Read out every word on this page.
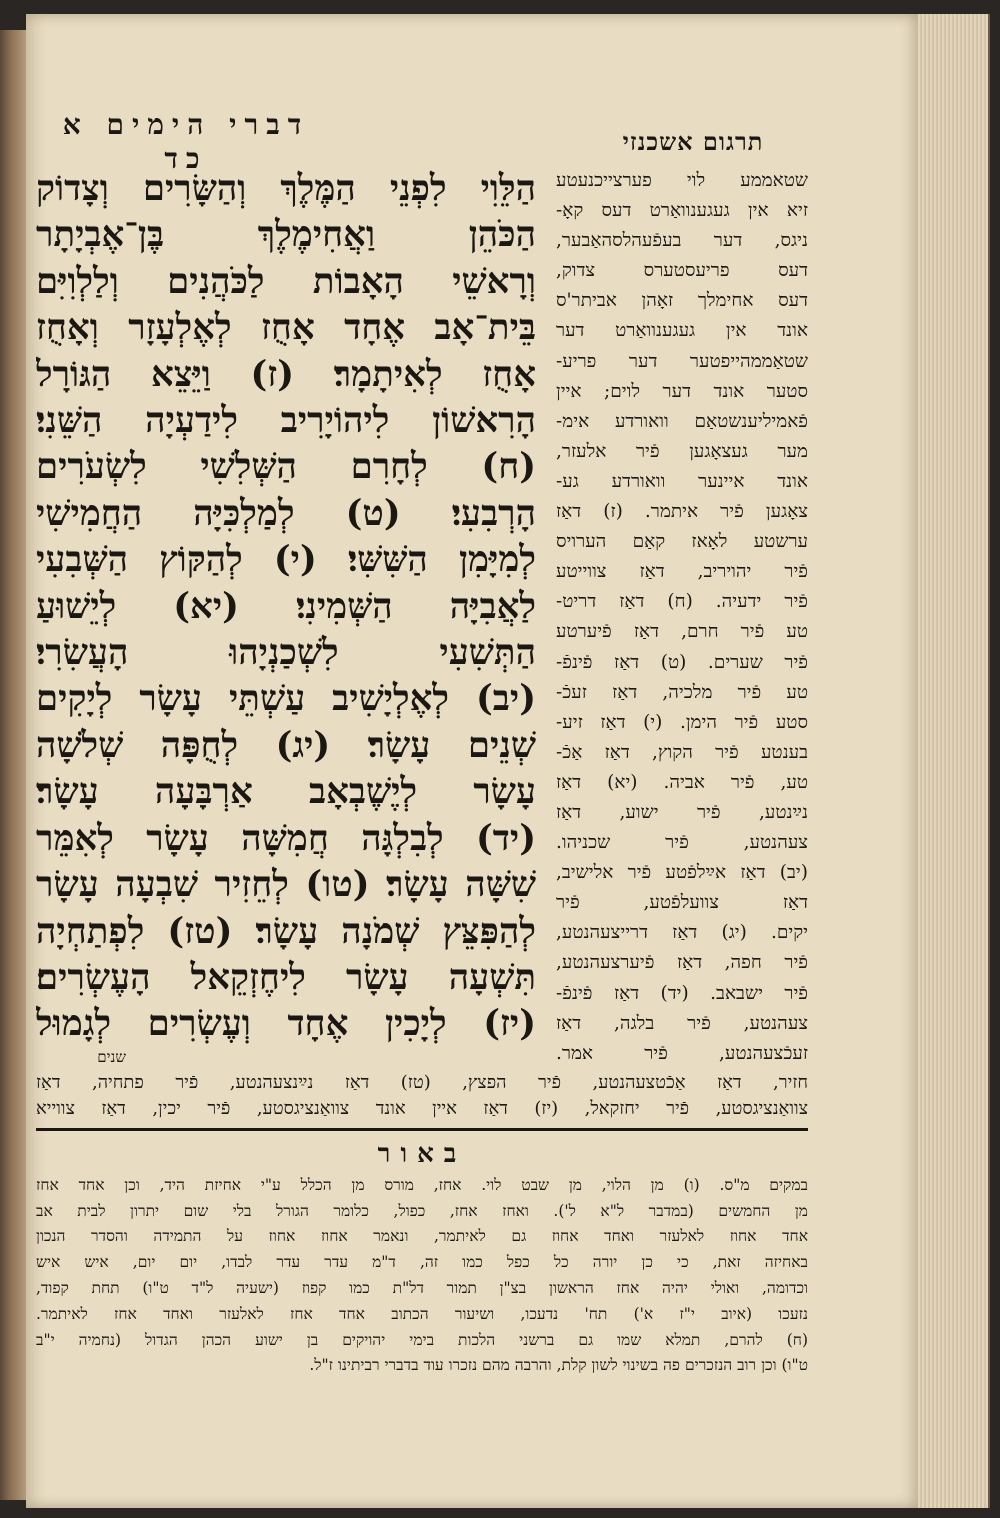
תרגום אשכנזי
דברי הימים א כד
הַלֵּוִי לִפְנֵי הַמֶּלֶךְ וְהַשָּׂרִים וְצָדוֹק
הַכֹּהֵן וַאֲחִימֶלֶךְ בֶּן־אֶבְיָתָר
וְרָאשֵׁי הָאָבוֹת לַכֹּהֲנִים וְלַלְוִיִּם
בֵּית־אָב אֶחָד אָחֻז לְאֶלְעָזָר וְאָחֻז
אָחֻז לְאִיתָמָר׃ (ז) וַיֵּצֵא הַגּוֹרָל
הָרִאשׁוֹן לִיהוֹיָרִיב לִידַעְיָה הַשֵּׁנִי׃
(ח) לְחָרִם הַשְּׁלִשִׁי לִשְׂעֹרִים
הָרְבִעִי׃ (ט) לְמַלְכִּיָּה הַחֲמִישִׁי
לְמִיָּמִן הַשִּׁשִּׁי׃ (י) לְהַקּוֹץ הַשְּׁבִעִי
לַאֲבִיָּה הַשְּׁמִינִי׃ (יא) לְיֵשׁוּעַ
הַתְּשִׁעִי לִשְׁכַנְיָהוּ הָעֲשִׂרִי׃
(יב) לְאֶלְיָשִׁיב עַשְׁתֵּי עָשָׂר לְיָקִים
שְׁנֵים עָשָׂר׃ (יג) לְחֻפָּה שְׁלֹשָׁה
עָשָׂר לְיֶשֶׁבְאָב אַרְבָּעָה עָשָׂר׃
(יד) לְבִלְגָּה חֲמִשָּׁה עָשָׂר לְאִמֵּר
שִׁשָּׁה עָשָׂר׃ (טו) לְחֵזִיר שִׁבְעָה עָשָׂר
לְהַפִּצֵּץ שְׁמֹנָה עָשָׂר׃ (טז) לִפְתַחְיָה
תִּשְׁעָה עָשָׂר לִיחֶזְקֵאל הָעֶשְׂרִים׃
(יז) לְיָכִין אֶחָד וְעֶשְׂרִים לְגָמוּל
שנים
שטאממע לוי פערצייכנעטע
זיא אין געגענוואַרט דעס קאָ-
ניגס, דער בעפֿעהלסהאַבער,
דעס פריעסטערס צדוק,
דעס אחימלך זאָהן אביתר'ס
אונד אין געגענוואַרט דער
שטאַממהייפטער דער פריע-
סטער אונד דער לוים; איין
פֿאמיליענשטאַם וואורדע אימ-
מער געצאָגען פֿיר אלעזר,
אונד איינער וואורדע גע-
צאָגען פֿיר איתמר. (ז) דאַז
ערשטע לאָאז קאַם הערויס
פֿיר יהויריב, דאַז צווייטע
פֿיר ידעיה. (ח) דאַז דריט-
טע פֿיר חרם, דאַז פֿיערטע
פֿיר שערים. (ט) דאַז פֿינפֿ-
טע פֿיר מלכיה, דאַז זעכֿ-
סטע פֿיר הימן. (י) דאַז זיע-
בענטע פֿיר הקוץ, דאַז אַכֿ-
טע, פֿיר אביה. (יא) דאַז
נײַנטע, פֿיר ישוע, דאַז
צעהנטע, פֿיר שכניהו.
(יב) דאַז אײַלפֿטע פֿיר אלישיב,
דאַז צוועלפֿטע, פֿיר
יקים. (יג) דאַז דרייצעהנטע,
פֿיר חפה, דאַז פֿיערצעהנטע,
פֿיר ישבאב. (יד) דאַז פֿינפֿ-
צעהנטע, פֿיר בלגה, דאַז
זעכֿצעהנטע, פֿיר אמר.
חזיר, דאַז אַכֿטצעהנטע, פֿיר הפצץ, (טז) דאַז נײַנצעהנטע, פֿיר פתחיה, דאַז
צוואַנציגסטע, פֿיר יחזקאל, (יז) דאַז איין אונד צוואַנציגסטע, פֿיר יכין, דאַז צווייא
באור
במקים מ"ס. (ו) מן הלוי, מן שבט לוי. אחז, מורס מן הכלל ע"י אחיזת היד, וכן אחד אחז
מן החמשים (במדבר ל"א ל'). ואחז אחז, כפול, כלומר הגורל בלי שום יתרון לבית אב
אחד אחוז לאלעזר ואחד אחוז גם לאיתמר, ונאמר אחוז אחוז על התמידה והסדר הנכון
באחיזה זאת, כי כן יורה כל כפל כמו זה, ד"מ עדר עדר לבדו, יום יום, איש איש
וכדומה, ואולי יהיה אחז הראשון בצ"ן תמור דל"ת כמו קפוז (ישעיה ל"ד ט"ו) תחת קפוד,
נזעכו (איוב י"ז א') תח' נדעכו, ושיעור הכתוב אחד אחז לאלעזר ואחד אחז לאיתמר.
(ח) להרם, תמלא שמו גם ברשני הלכות בימי יהויקים בן ישוע הכהן הגדול (נחמיה י"ב
ט"ו) וכן רוב הנזכרים פה בשינוי לשון קלת, והרבה מהם נזכרו עוד בדברי רביתינו ז"ל.
